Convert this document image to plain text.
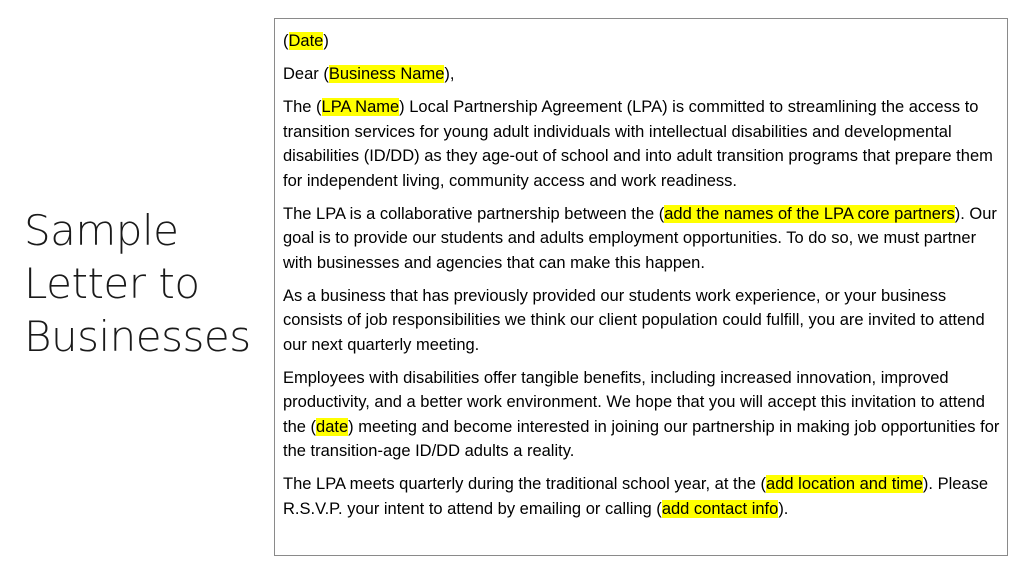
Sample
Letter to
Businesses

(Date)

Dear (Business Name),

The (LPA Name) Local Partnership Agreement (LPA) is committed to streamlining the access to transition services for young adult individuals with intellectual disabilities and developmental disabilities (ID/DD) as they age-out of school and into adult transition programs that prepare them for independent living, community access and work readiness.

The LPA is a collaborative partnership between the (add the names of the LPA core partners). Our goal is to provide our students and adults employment opportunities. To do so, we must partner with businesses and agencies that can make this happen.

As a business that has previously provided our students work experience, or your business consists of job responsibilities we think our client population could fulfill, you are invited to attend our next quarterly meeting.

Employees with disabilities offer tangible benefits, including increased innovation, improved productivity, and a better work environment. We hope that you will accept this invitation to attend the (date) meeting and become interested in joining our partnership in making job opportunities for the transition-age ID/DD adults a reality.

The LPA meets quarterly during the traditional school year, at the (add location and time). Please R.S.V.P. your intent to attend by emailing or calling (add contact info).
